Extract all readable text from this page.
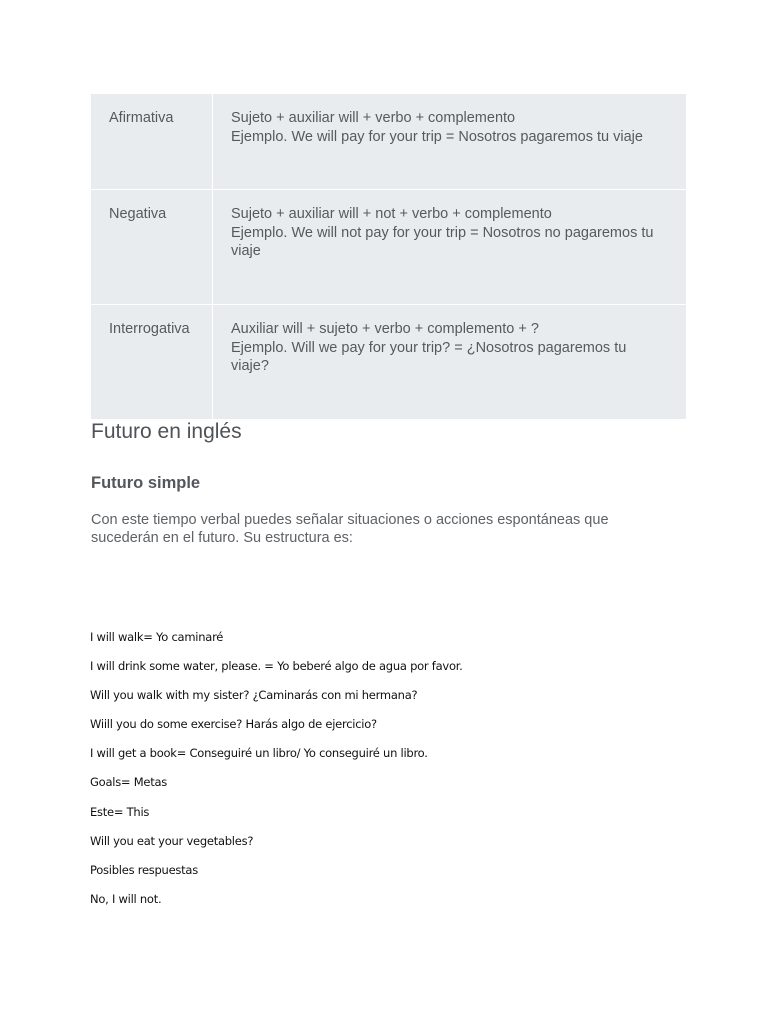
Afirmativa	Sujeto + auxiliar will + verbo + complemento
Ejemplo. We will pay for your trip = Nosotros pagaremos tu viaje

Negativa	Sujeto + auxiliar will + not + verbo + complemento
Ejemplo. We will not pay for your trip = Nosotros no pagaremos tu viaje

Interrogativa	Auxiliar will + sujeto + verbo + complemento + ?
Ejemplo. Will we pay for your trip? = ¿Nosotros pagaremos tu viaje?
Futuro en inglés
Futuro simple

Con este tiempo verbal puedes señalar situaciones o acciones espontáneas que sucederán en el futuro. Su estructura es:

I will walk= Yo caminaré
I will drink some water, please. = Yo beberé algo de agua por favor.
Will you walk with my sister? ¿Caminarás con mi hermana?
Wiill you do some exercise? Harás algo de ejercicio?
I will get a book= Conseguiré un libro/ Yo conseguiré un libro.
Goals= Metas
Este= This
Will you eat your vegetables?
Posibles respuestas
No, I will not.
